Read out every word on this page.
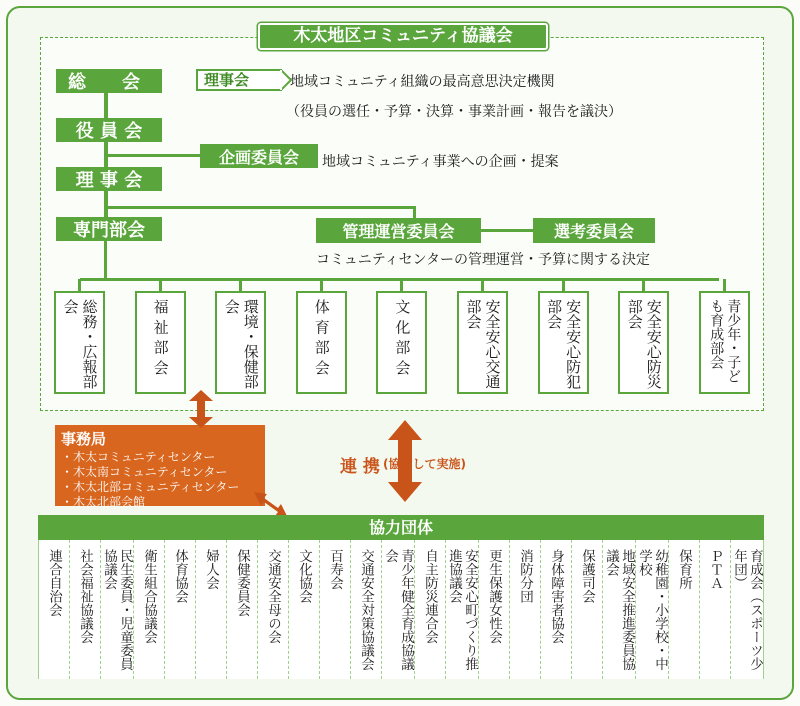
木太地区コミュニティ協議会
総　　会
役 員 会
理 事 会
専門部会
理事会	地域コミュニティ組織の最高意思決定機関
（役員の選任・予算・決算・事業計画・報告を議決）
企画委員会 地域コミュニティ事業への企画・提案
管理運営委員会	選考委員会
コミュニティセンターの管理運営・予算に関する決定
総務・広報部会	福祉部会	環境・保健部会	体育部会	文化部会	安全安心交通部会	安全安心防犯部会	安全安心防災部会	青少年・子ども育成部会
事務局
・木太コミュニティセンター
・木太南コミュニティセンター
・木太北部コミュニティセンター
・木太北部会館
連 携 (協働して実施)
協力団体
連合自治会 社会福祉協議会	民生委員・児童委員協議会	衛生組合協議会 体育協会 婦人会 保健委員会 交通安全母の会 文化協会 百寿会 交通安全対策協議会	青少年健全育成協議会	自主防災連合会	安全安心町づくり推進協議会	更生保護女性会 消防分団 身体障害者協会 保護司会	地域安全推進委員協議会	幼稚園・小学校・中学校	保育所 ＰＴＡ	育成会（スポーツ少年団）
